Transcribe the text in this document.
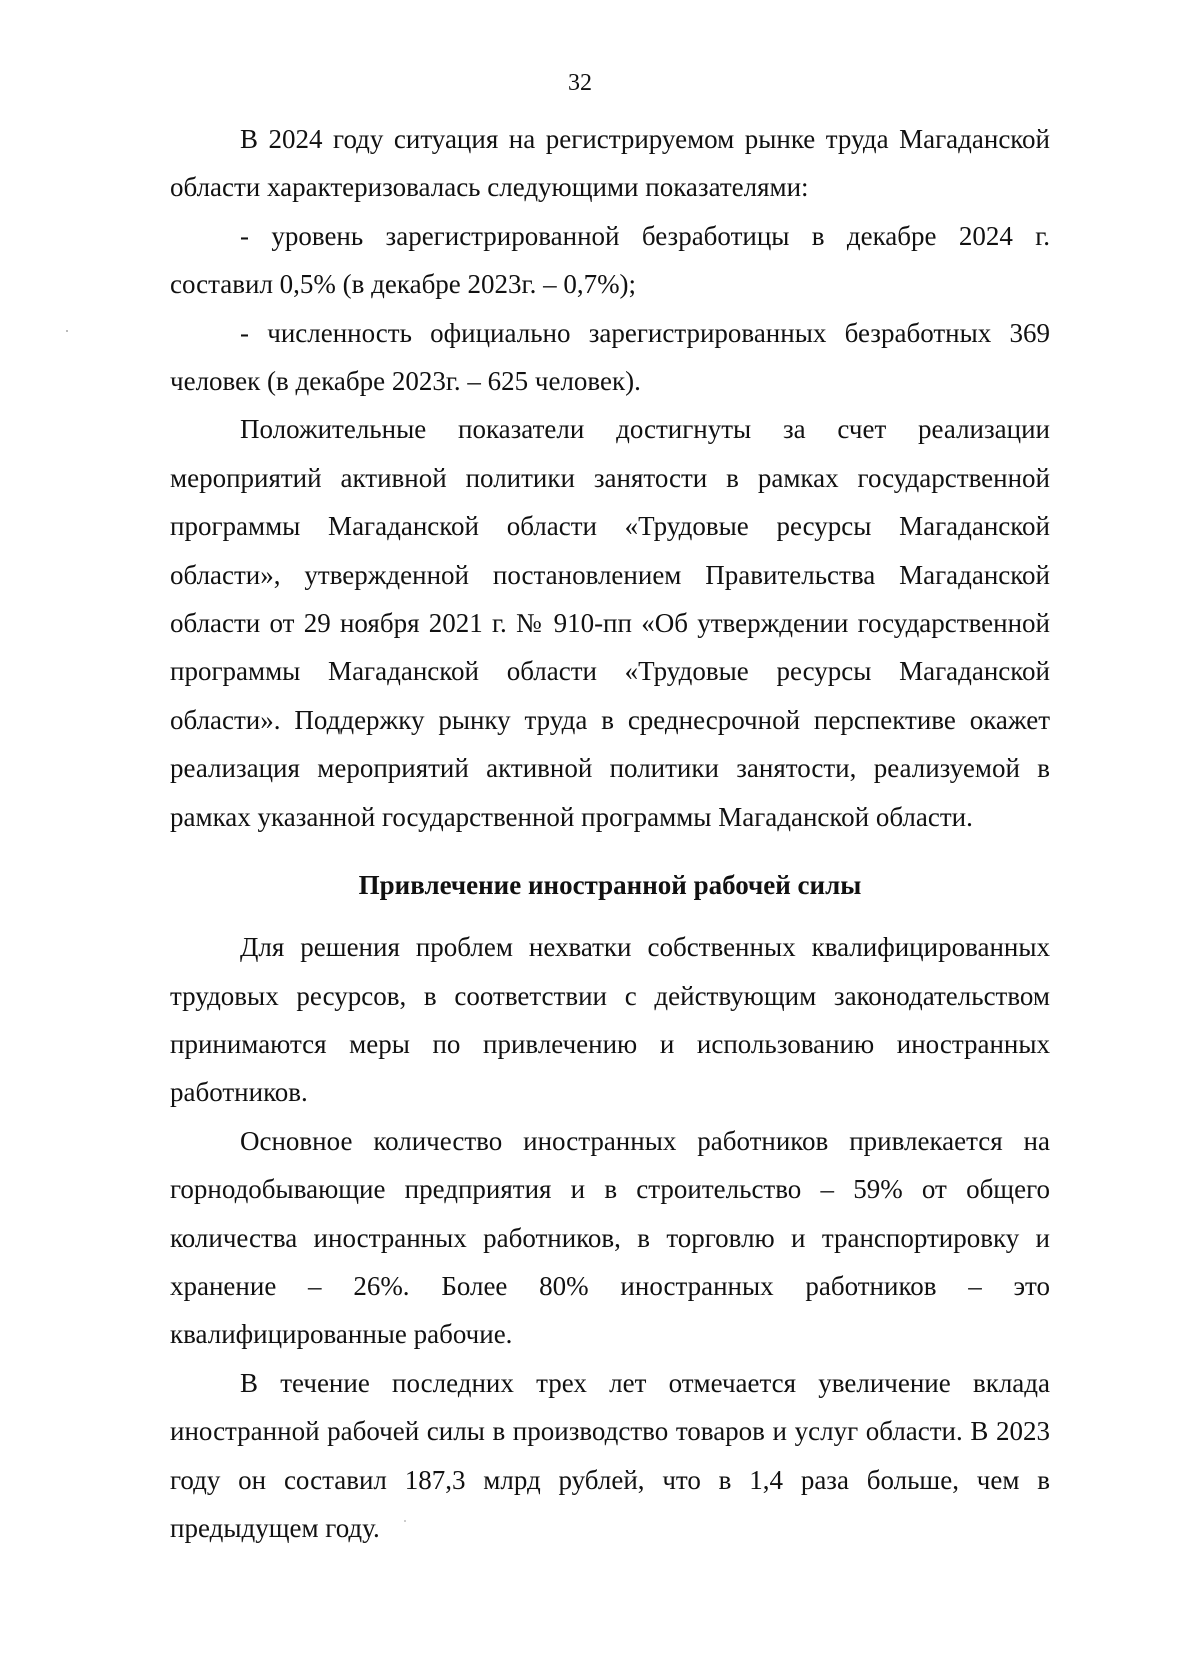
32

В 2024 году ситуация на регистрируемом рынке труда Магаданской области характеризовалась следующими показателями:

- уровень зарегистрированной безработицы в декабре 2024 г. составил 0,5% (в декабре 2023г. – 0,7%);

- численность официально зарегистрированных безработных 369 человек (в декабре 2023г. – 625 человек).

Положительные показатели достигнуты за счет реализации мероприятий активной политики занятости в рамках государственной программы Магаданской области «Трудовые ресурсы Магаданской области», утвержденной постановлением Правительства Магаданской области от 29 ноября 2021 г. № 910-пп «Об утверждении государственной программы Магаданской области «Трудовые ресурсы Магаданской области». Поддержку рынку труда в среднесрочной перспективе окажет реализация мероприятий активной политики занятости, реализуемой в рамках указанной государственной программы Магаданской области.

Привлечение иностранной рабочей силы

Для решения проблем нехватки собственных квалифицированных трудовых ресурсов, в соответствии с действующим законодательством принимаются меры по привлечению и использованию иностранных работников.

Основное количество иностранных работников привлекается на горнодобывающие предприятия и в строительство – 59% от общего количества иностранных работников, в торговлю и транспортировку и хранение – 26%. Более 80% иностранных работников – это квалифицированные рабочие.

В течение последних трех лет отмечается увеличение вклада иностранной рабочей силы в производство товаров и услуг области. В 2023 году он составил 187,3 млрд рублей, что в 1,4 раза больше, чем в предыдущем году.
